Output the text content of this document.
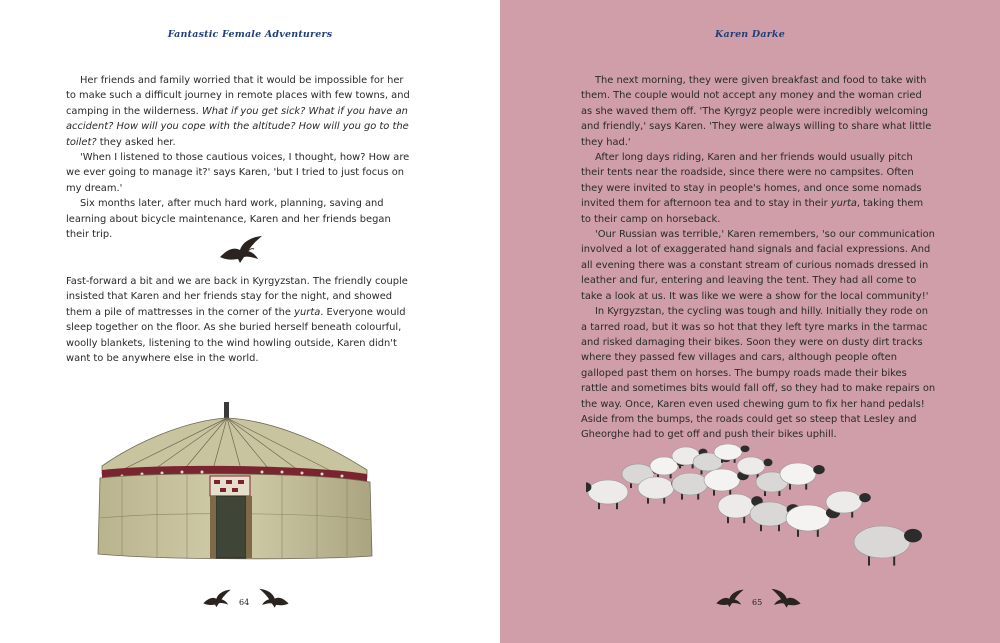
Fantastic Female Adventurers

Her friends and family worried that it would be impossible for her to make such a difficult journey in remote places with few towns, and camping in the wilderness. What if you get sick? What if you have an accident? How will you cope with the altitude? How will you go to the toilet? they asked her.

'When I listened to those cautious voices, I thought, how? How are we ever going to manage it?' says Karen, 'but I tried to just focus on my dream.'

Six months later, after much hard work, planning, saving and learning about bicycle maintenance, Karen and her friends began their trip.

Fast-forward a bit and we are back in Kyrgyzstan. The friendly couple insisted that Karen and her friends stay for the night, and showed them a pile of mattresses in the corner of the yurta. Everyone would sleep together on the floor. As she buried herself beneath colourful, woolly blankets, listening to the wind howling outside, Karen didn't want to be anywhere else in the world.

64
Karen Darke

The next morning, they were given breakfast and food to take with them. The couple would not accept any money and the woman cried as she waved them off. 'The Kyrgyz people were incredibly welcoming and friendly,' says Karen. 'They were always willing to share what little they had.'

After long days riding, Karen and her friends would usually pitch their tents near the roadside, since there were no campsites. Often they were invited to stay in people's homes, and once some nomads invited them for afternoon tea and to stay in their yurta, taking them to their camp on horseback.

'Our Russian was terrible,' Karen remembers, 'so our communication involved a lot of exaggerated hand signals and facial expressions. And all evening there was a constant stream of curious nomads dressed in leather and fur, entering and leaving the tent. They had all come to take a look at us. It was like we were a show for the local community!'

In Kyrgyzstan, the cycling was tough and hilly. Initially they rode on a tarred road, but it was so hot that they left tyre marks in the tarmac and risked damaging their bikes. Soon they were on dusty dirt tracks where they passed few villages and cars, although people often galloped past them on horses. The bumpy roads made their bikes rattle and sometimes bits would fall off, so they had to make repairs on the way. Once, Karen even used chewing gum to fix her hand pedals! Aside from the bumps, the roads could get so steep that Lesley and Gheorghe had to get off and push their bikes uphill.

65
